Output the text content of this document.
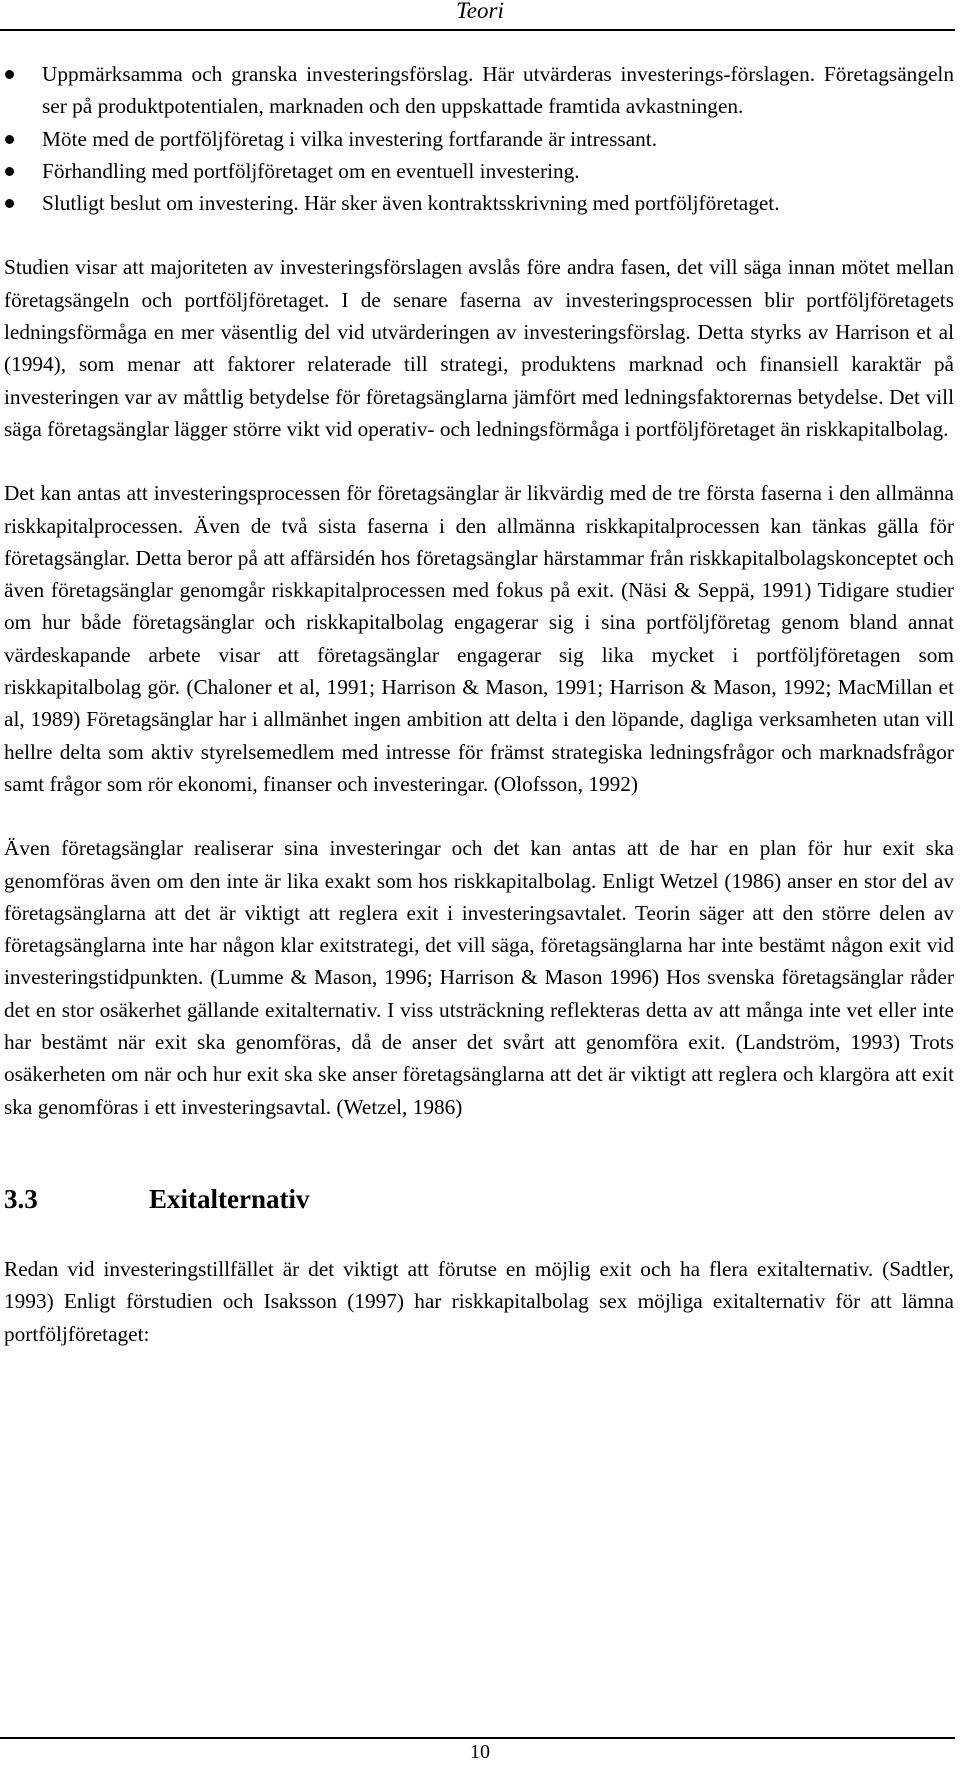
Teori
Uppmärksamma och granska investeringsförslag. Här utvärderas investerings-förslagen. Företagsängeln ser på produktpotentialen, marknaden och den uppskattade framtida avkastningen.
Möte med de portföljföretag i vilka investering fortfarande är intressant.
Förhandling med portföljföretaget om en eventuell investering.
Slutligt beslut om investering. Här sker även kontraktsskrivning med portföljföretaget.

Studien visar att majoriteten av investeringsförslagen avslås före andra fasen, det vill säga innan mötet mellan företagsängeln och portföljföretaget. I de senare faserna av investeringsprocessen blir portföljföretagets ledningsförmåga en mer väsentlig del vid utvärderingen av investeringsförslag. Detta styrks av Harrison et al (1994), som menar att faktorer relaterade till strategi, produktens marknad och finansiell karaktär på investeringen var av måttlig betydelse för företagsänglarna jämfört med ledningsfaktorernas betydelse. Det vill säga företagsänglar lägger större vikt vid operativ- och ledningsförmåga i portföljföretaget än riskkapitalbolag.

Det kan antas att investeringsprocessen för företagsänglar är likvärdig med de tre första faserna i den allmänna riskkapitalprocessen. Även de två sista faserna i den allmänna riskkapitalprocessen kan tänkas gälla för företagsänglar. Detta beror på att affärsidén hos företagsänglar härstammar från riskkapitalbolagskonceptet och även företagsänglar genomgår riskkapitalprocessen med fokus på exit. (Näsi & Seppä, 1991) Tidigare studier om hur både företagsänglar och riskkapitalbolag engagerar sig i sina portföljföretag genom bland annat värdeskapande arbete visar att företagsänglar engagerar sig lika mycket i portföljföretagen som riskkapitalbolag gör. (Chaloner et al, 1991; Harrison & Mason, 1991; Harrison & Mason, 1992; MacMillan et al, 1989) Företagsänglar har i allmänhet ingen ambition att delta i den löpande, dagliga verksamheten utan vill hellre delta som aktiv styrelsemedlem med intresse för främst strategiska ledningsfrågor och marknadsfrågor samt frågor som rör ekonomi, finanser och investeringar. (Olofsson, 1992)

Även företagsänglar realiserar sina investeringar och det kan antas att de har en plan för hur exit ska genomföras även om den inte är lika exakt som hos riskkapitalbolag. Enligt Wetzel (1986) anser en stor del av företagsänglarna att det är viktigt att reglera exit i investeringsavtalet. Teorin säger att den större delen av företagsänglarna inte har någon klar exitstrategi, det vill säga, företagsänglarna har inte bestämt någon exit vid investeringstidpunkten. (Lumme & Mason, 1996; Harrison & Mason 1996) Hos svenska företagsänglar råder det en stor osäkerhet gällande exitalternativ. I viss utsträckning reflekteras detta av att många inte vet eller inte har bestämt när exit ska genomföras, då de anser det svårt att genomföra exit. (Landström, 1993) Trots osäkerheten om när och hur exit ska ske anser företagsänglarna att det är viktigt att reglera och klargöra att exit ska genomföras i ett investeringsavtal. (Wetzel, 1986)

3.3	Exitalternativ

Redan vid investeringstillfället är det viktigt att förutse en möjlig exit och ha flera exitalternativ. (Sadtler, 1993) Enligt förstudien och Isaksson (1997) har riskkapitalbolag sex möjliga exitalternativ för att lämna portföljföretaget:

10
